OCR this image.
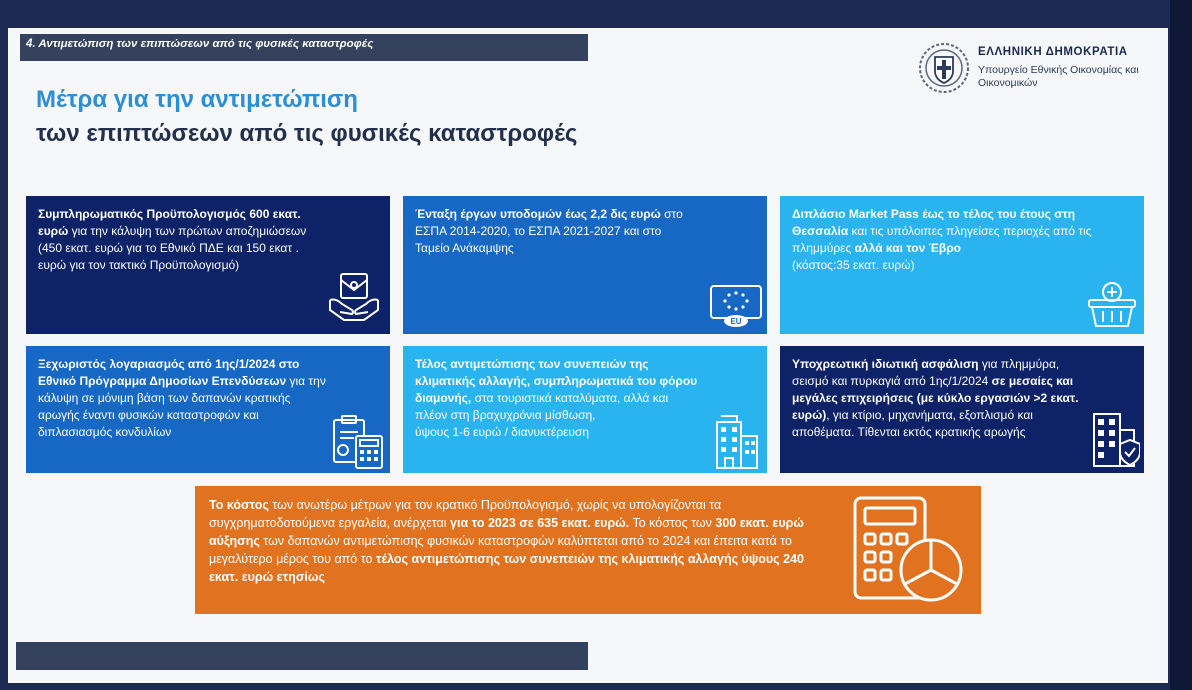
4. Αντιμετώπιση των επιπτώσεων από τις φυσικές καταστροφές
ΕΛΛΗΝΙΚΗ ΔΗΜΟΚΡΑΤΙΑ
Υπουργείο Εθνικής Οικονομίας και Οικονομικών
Μέτρα για την αντιμετώπιση
των επιπτώσεων από τις φυσικές καταστροφές
Συμπληρωματικός Προϋπολογισμός 600 εκατ. ευρώ για την κάλυψη των πρώτων αποζημιώσεων
(450 εκατ. ευρώ για το Εθνικό ΠΔΕ και 150 εκατ . ευρώ για τον τακτικό Προϋπολογισμό)
Ένταξη έργων υποδομών έως 2,2 δις ευρώ στο ΕΣΠΑ 2014-2020, το ΕΣΠΑ 2021-2027 και στο Ταμείο Ανάκαμψης
EU
Διπλάσιο Market Pass έως το τέλος του έτους στη Θεσσαλία και τις υπόλοιπες πληγείσες περιοχές από τις πλημμύρες αλλά και τον Έβρο
(κόστος:35 εκατ. ευρώ)
Ξεχωριστός λογαριασμός από 1ης/1/2024 στο Εθνικό Πρόγραμμα Δημοσίων Επενδύσεων για την κάλυψη σε μόνιμη βάση των δαπανών κρατικής αρωγής έναντι φυσικών καταστροφών και διπλασιασμός κονδυλίων
Τέλος αντιμετώπισης των συνεπειών της κλιματικής αλλαγής, συμπληρωματικά του φόρου διαμονής, στα τουριστικά καταλύματα, αλλά και πλέον στη βραχυχρόνια μίσθωση,
ύψους 1-6 ευρώ / διανυκτέρευση
Υποχρεωτική ιδιωτική ασφάλιση για πλημμύρα, σεισμό και πυρκαγιά από 1ης/1/2024 σε μεσαίες και μεγάλες επιχειρήσεις (με κύκλο εργασιών >2 εκατ. ευρώ), για κτίριο, μηχανήματα, εξοπλισμό και αποθέματα. Τίθενται εκτός κρατικής αρωγής
Το κόστος των ανωτέρω μέτρων για τον κρατικό Προϋπολογισμό, χωρίς να υπολογίζονται τα συγχρηματοδοτούμενα εργαλεία, ανέρχεται για το 2023 σε 635 εκατ. ευρώ. Το κόστος των 300 εκατ. ευρώ αύξησης των δαπανών αντιμετώπισης φυσικών καταστροφών καλύπτεται από το 2024 και έπειτα κατά το μεγαλύτερο μέρος του από το τέλος αντιμετώπισης των συνεπειών της κλιματικής αλλαγής ύψους 240 εκατ. ευρώ ετησίως
